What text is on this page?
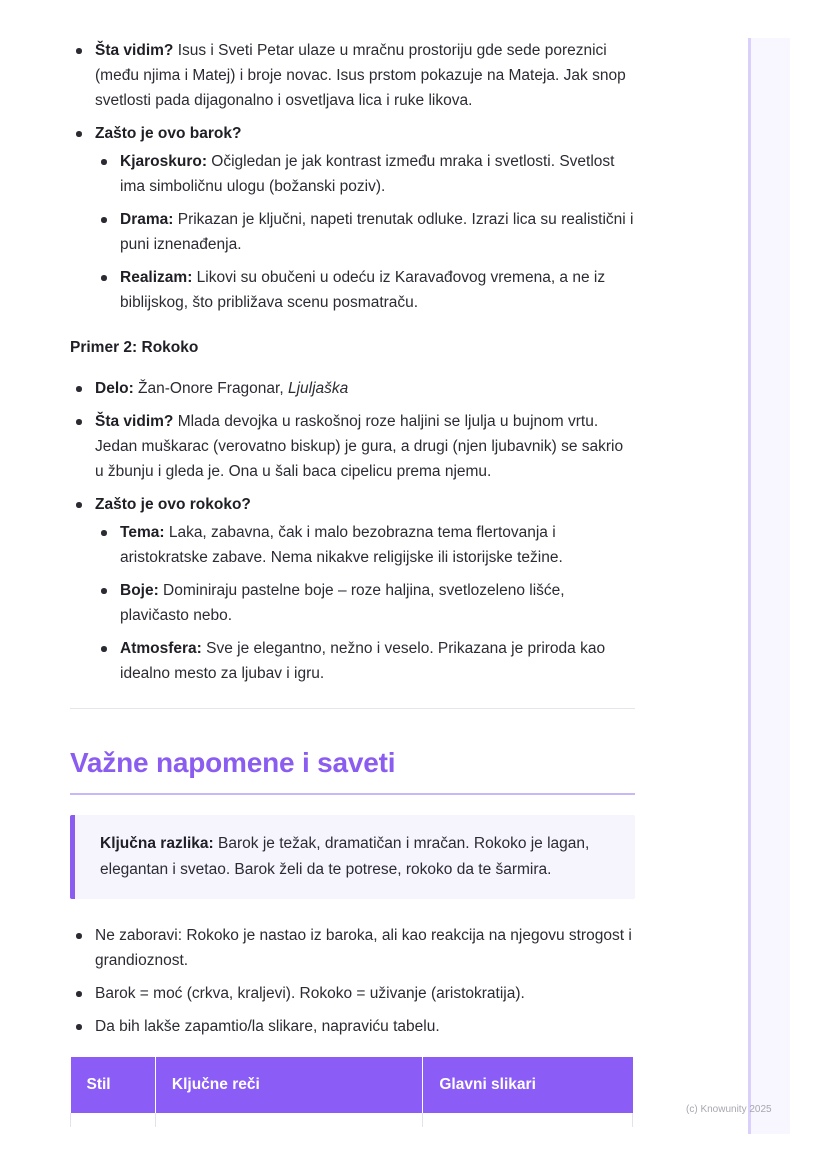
Šta vidim? Isus i Sveti Petar ulaze u mračnu prostoriju gde sede poreznici (među njima i Matej) i broje novac. Isus prstom pokazuje na Mateja. Jak snop svetlosti pada dijagonalno i osvetljava lica i ruke likova.
Zašto je ovo barok?
Kjaroskuro: Očigledan je jak kontrast između mraka i svetlosti. Svetlost ima simboličnu ulogu (božanski poziv).
Drama: Prikazan je ključni, napeti trenutak odluke. Izrazi lica su realistični i puni iznenađenja.
Realizam: Likovi su obučeni u odeću iz Karavađovog vremena, a ne iz biblijskog, što približava scenu posmatraču.
Primer 2: Rokoko
Delo: Žan-Onore Fragonar, Ljuljaška
Šta vidim? Mlada devojka u raskošnoj roze haljini se ljulja u bujnom vrtu. Jedan muškarac (verovatno biskup) je gura, a drugi (njen ljubavnik) se sakrio u žbunju i gleda je. Ona u šali baca cipelicu prema njemu.
Zašto je ovo rokoko?
Tema: Laka, zabavna, čak i malo bezobrazna tema flertovanja i aristokratske zabave. Nema nikakve religijske ili istorijske težine.
Boje: Dominiraju pastelne boje – roze haljina, svetlozeleno lišće, plavičasto nebo.
Atmosfera: Sve je elegantno, nežno i veselo. Prikazana je priroda kao idealno mesto za ljubav i igru.
Važne napomene i saveti
Ključna razlika: Barok je težak, dramatičan i mračan. Rokoko je lagan, elegantan i svetao. Barok želi da te potrese, rokoko da te šarmira.
Ne zaboravi: Rokoko je nastao iz baroka, ali kao reakcija na njegovu strogost i grandioznost.
Barok = moć (crkva, kraljevi). Rokoko = uživanje (aristokratija).
Da bih lakše zapamtio/la slikare, napraviću tabelu.
Stil	Ključne reči	Glavni slikari

(c) Knowunity 2025
